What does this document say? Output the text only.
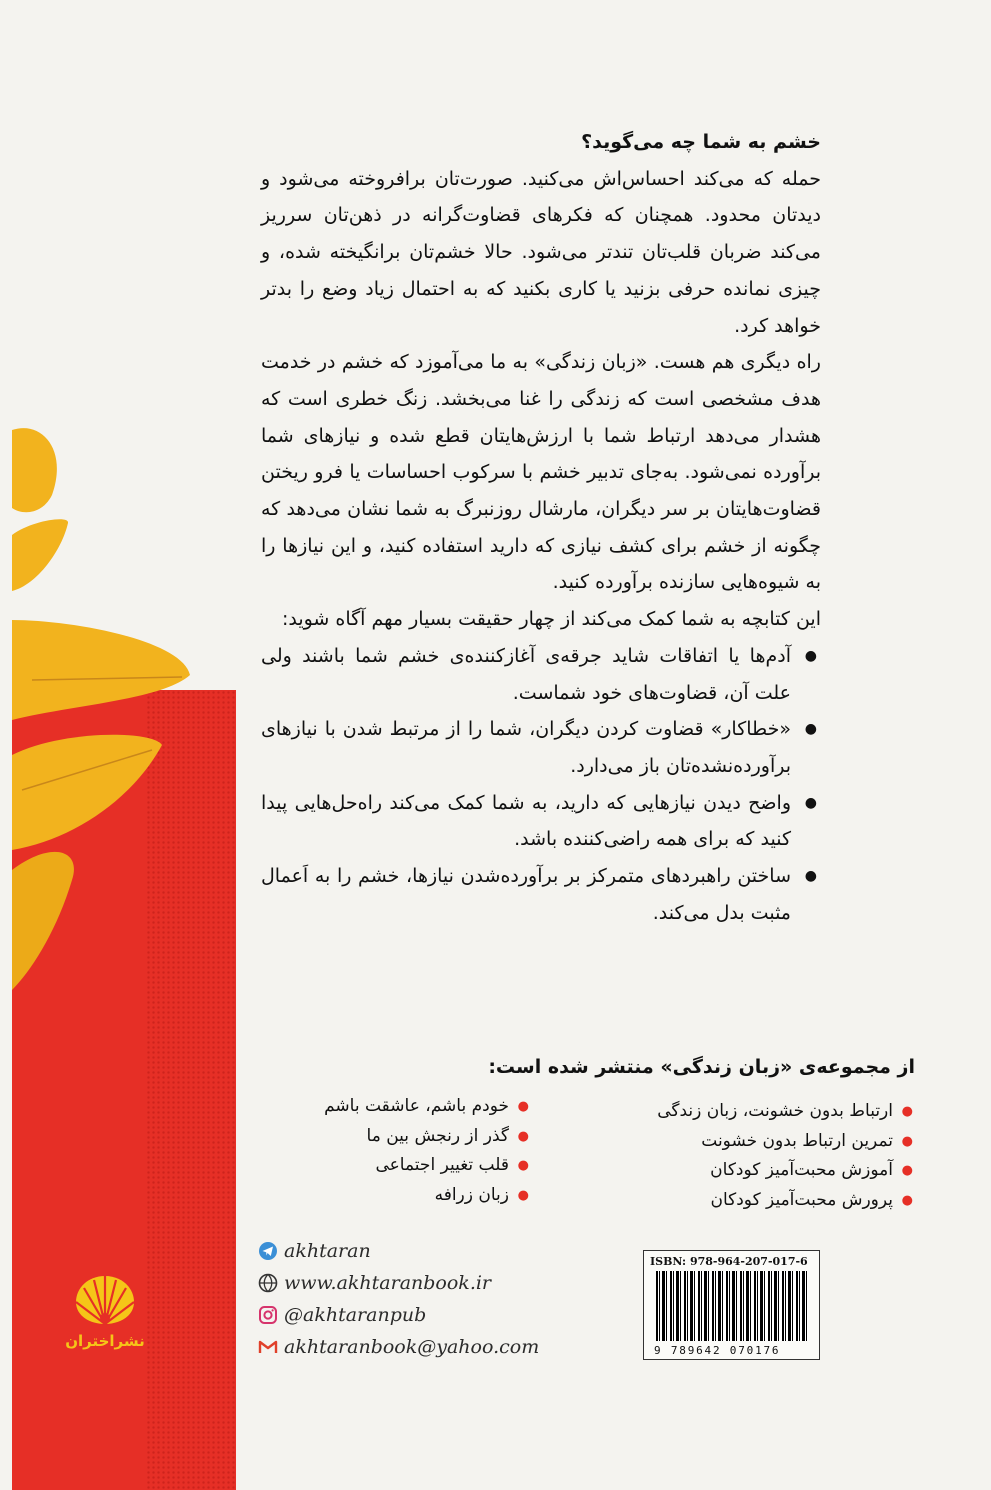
خشم به شما چه می‌گوید؟

حمله که می‌کند احساس‌اش می‌کنید. صورت‌تان برافروخته می‌شود و دیدتان محدود. همچنان که فکرهای قضاوت‌گرانه در ذهن‌تان سرریز می‌کند ضربان قلب‌تان تندتر می‌شود. حالا خشم‌تان برانگیخته شده، و چیزی نمانده حرفی بزنید یا کاری بکنید که به احتمال زیاد وضع را بدتر خواهد کرد.

راه دیگری هم هست. «زبان زندگی» به ما می‌آموزد که خشم در خدمت هدف مشخصی است که زندگی را غنا می‌بخشد. زنگ خطری است که هشدار می‌دهد ارتباط شما با ارزش‌هایتان قطع شده و نیازهای شما برآورده نمی‌شود. به‌جای تدبیر خشم با سرکوب احساسات یا فرو ریختن قضاوت‌هایتان بر سر دیگران، مارشال روزنبرگ به شما نشان می‌دهد که چگونه از خشم برای کشف نیازی که دارید استفاده کنید، و این نیازها را به شیوه‌هایی سازنده برآورده کنید.

این کتابچه به شما کمک می‌کند از چهار حقیقت بسیار مهم آگاه شوید:

● آدم‌ها یا اتفاقات شاید جرقه‌ی آغازکننده‌ی خشم شما باشند ولی علت آن، قضاوت‌های خود شماست.
● «خطاکار» قضاوت کردن دیگران، شما را از مرتبط شدن با نیازهای برآورده‌نشده‌تان باز می‌دارد.
● واضح دیدن نیازهایی که دارید، به شما کمک می‌کند راه‌حل‌هایی پیدا کنید که برای همه راضی‌کننده باشد.
● ساختن راهبردهای متمرکز بر برآورده‌شدن نیازها، خشم را به اَعمال مثبت بدل می‌کند.
از مجموعه‌ی «زبان زندگی» منتشر شده است:
●
ارتباط بدون خشونت، زبان زندگی
●
تمرین ارتباط بدون خشونت
●
آموزش محبت‌آمیز کودکان
●
پرورش محبت‌آمیز کودکان
●
خودم باشم، عاشقت باشم
●
گذر از رنجش بین ما
●
قلب تغییر اجتماعی
●
زبان زرافه
akhtaran
www.akhtaranbook.ir
@akhtaranpub
akhtaranbook@yahoo.com
ISBN: 978-964-207-017-6
9 789642 070176
نشراختران
